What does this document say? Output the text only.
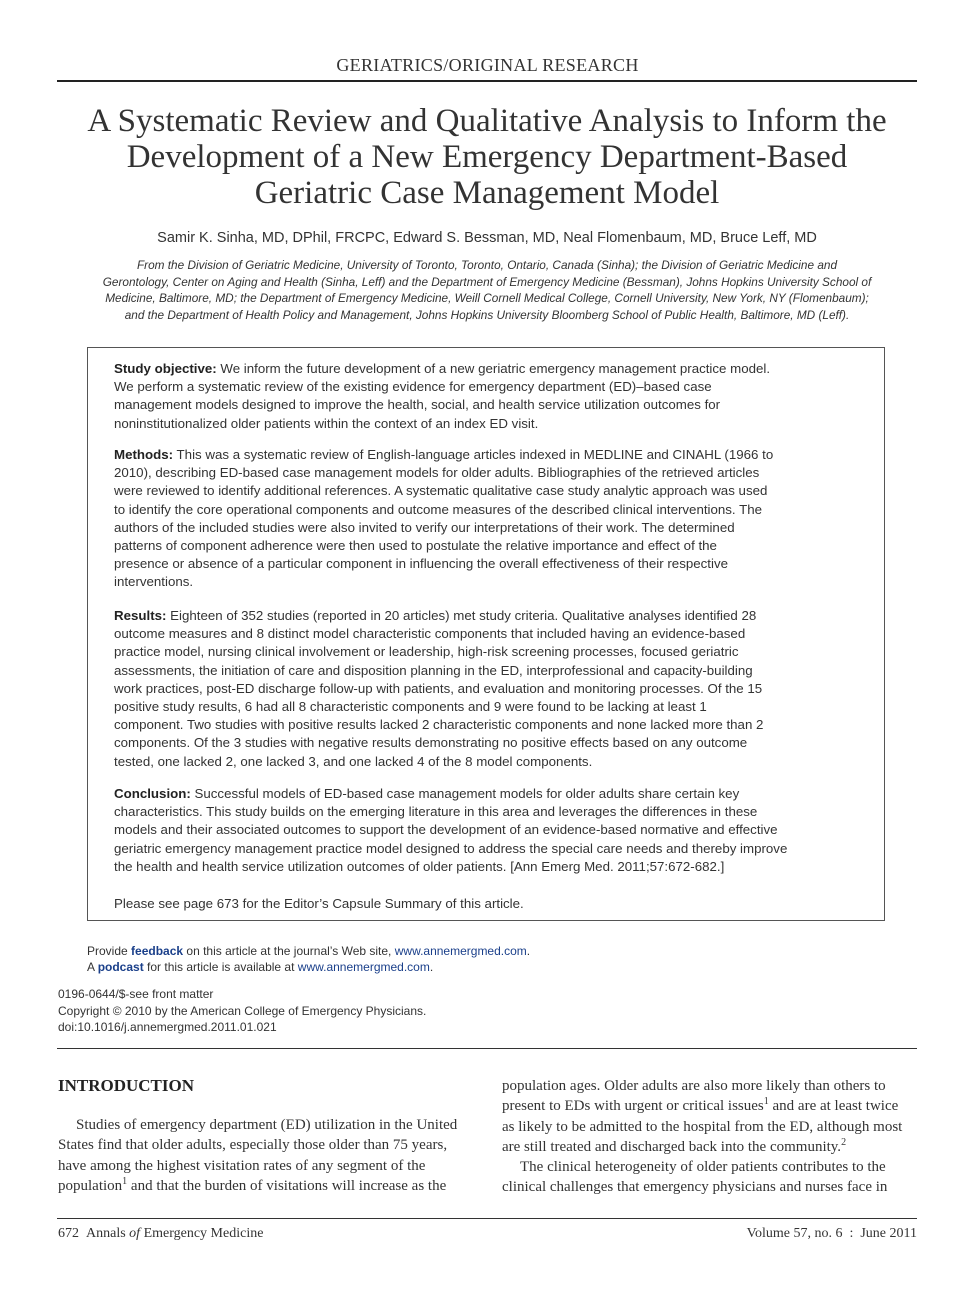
GERIATRICS/ORIGINAL RESEARCH
A Systematic Review and Qualitative Analysis to Inform the
Development of a New Emergency Department-Based
Geriatric Case Management Model
Samir K. Sinha, MD, DPhil, FRCPC, Edward S. Bessman, MD, Neal Flomenbaum, MD, Bruce Leff, MD
From the Division of Geriatric Medicine, University of Toronto, Toronto, Ontario, Canada (Sinha); the Division of Geriatric Medicine and
Gerontology, Center on Aging and Health (Sinha, Leff) and the Department of Emergency Medicine (Bessman), Johns Hopkins University School of
Medicine, Baltimore, MD; the Department of Emergency Medicine, Weill Cornell Medical College, Cornell University, New York, NY (Flomenbaum);
and the Department of Health Policy and Management, Johns Hopkins University Bloomberg School of Public Health, Baltimore, MD (Leff).
Study objective: We inform the future development of a new geriatric emergency management practice model.
We perform a systematic review of the existing evidence for emergency department (ED)–based case
management models designed to improve the health, social, and health service utilization outcomes for
noninstitutionalized older patients within the context of an index ED visit.
Methods: This was a systematic review of English-language articles indexed in MEDLINE and CINAHL (1966 to
2010), describing ED-based case management models for older adults. Bibliographies of the retrieved articles
were reviewed to identify additional references. A systematic qualitative case study analytic approach was used
to identify the core operational components and outcome measures of the described clinical interventions. The
authors of the included studies were also invited to verify our interpretations of their work. The determined
patterns of component adherence were then used to postulate the relative importance and effect of the
presence or absence of a particular component in influencing the overall effectiveness of their respective
interventions.
Results: Eighteen of 352 studies (reported in 20 articles) met study criteria. Qualitative analyses identified 28
outcome measures and 8 distinct model characteristic components that included having an evidence-based
practice model, nursing clinical involvement or leadership, high-risk screening processes, focused geriatric
assessments, the initiation of care and disposition planning in the ED, interprofessional and capacity-building
work practices, post-ED discharge follow-up with patients, and evaluation and monitoring processes. Of the 15
positive study results, 6 had all 8 characteristic components and 9 were found to be lacking at least 1
component. Two studies with positive results lacked 2 characteristic components and none lacked more than 2
components. Of the 3 studies with negative results demonstrating no positive effects based on any outcome
tested, one lacked 2, one lacked 3, and one lacked 4 of the 8 model components.
Conclusion: Successful models of ED-based case management models for older adults share certain key
characteristics. This study builds on the emerging literature in this area and leverages the differences in these
models and their associated outcomes to support the development of an evidence-based normative and effective
geriatric emergency management practice model designed to address the special care needs and thereby improve
the health and health service utilization outcomes of older patients. [Ann Emerg Med. 2011;57:672-682.]
Please see page 673 for the Editor’s Capsule Summary of this article.
Provide feedback on this article at the journal’s Web site, www.annemergmed.com.
A podcast for this article is available at www.annemergmed.com.
0196-0644/$-see front matter
Copyright © 2010 by the American College of Emergency Physicians.
doi:10.1016/j.annemergmed.2011.01.021
INTRODUCTION
Studies of emergency department (ED) utilization in the United
States find that older adults, especially those older than 75 years,
have among the highest visitation rates of any segment of the
population$^1$ and that the burden of visitations will increase as the
population ages. Older adults are also more likely than others to
present to EDs with urgent or critical issues$^1$ and are at least twice
as likely to be admitted to the hospital from the ED, although most
are still treated and discharged back into the community.$^2$
The clinical heterogeneity of older patients contributes to the
clinical challenges that emergency physicians and nurses face in
672 Annals of Emergency Medicine	Volume 57, no. 6  :  June 2011
